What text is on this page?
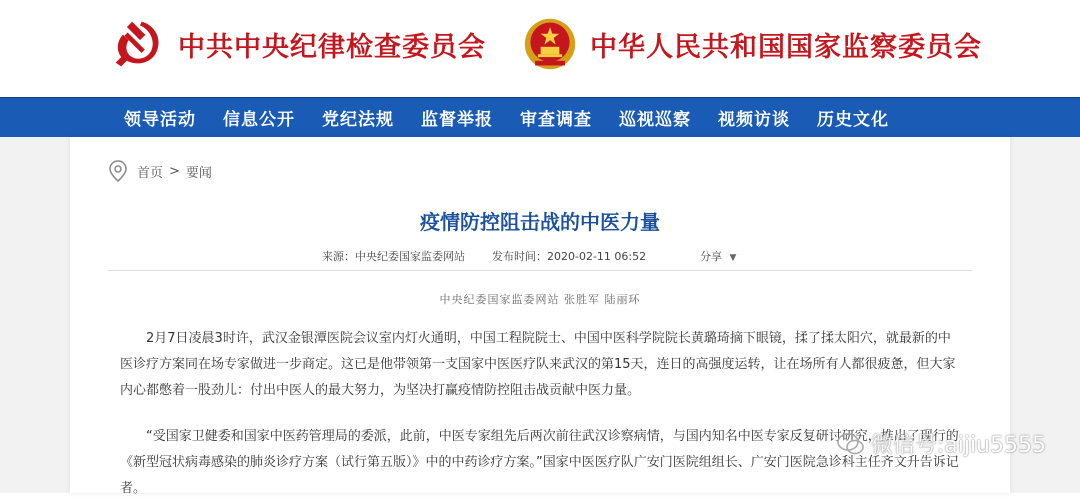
中共中央纪律检查委员会	中华人民共和国国家监察委员会
领导活动 信息公开 党纪法规 监督举报 审查调查 巡视巡察 视频访谈 历史文化
首页 > 要闻
疫情防控阻击战的中医力量
来源：中央纪委国家监委网站 发布时间：2020-02-11 06:52	分享 ▼
中央纪委国家监委网站 张胜军 陆丽环
2月7日凌晨3时许，武汉金银潭医院会议室内灯火通明，中国工程院院士、中国中医科学院院长黄璐琦摘下眼镜，揉了揉太阳穴，就最新的中医诊疗方案同在场专家做进一步商定。这已是他带领第一支国家中医医疗队来武汉的第15天，连日的高强度运转，让在场所有人都很疲惫，但大家内心都憋着一股劲儿：付出中医人的最大努力，为坚决打赢疫情防控阻击战贡献中医力量。
“受国家卫健委和国家中医药管理局的委派，此前，中医专家组先后两次前往武汉诊察病情，与国内知名中医专家反复研讨研究，推出了现行的《新型冠状病毒感染的肺炎诊疗方案（试行第五版）》中的中药诊疗方案。”国家中医医疗队广安门医院组组长、广安门医院急诊科主任齐文升告诉记者。
微信号:aijiu5555
